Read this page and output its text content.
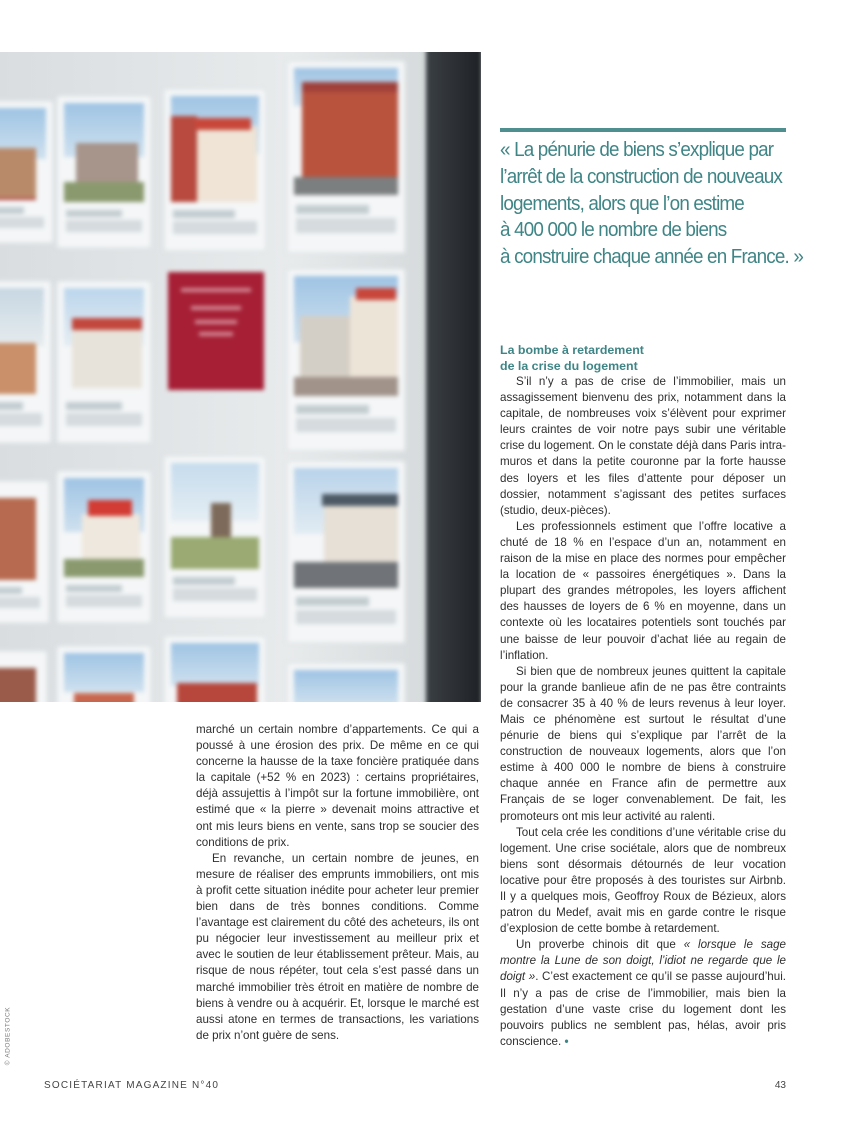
© ADOBESTOCK
« La pénurie de biens s’explique par
l’arrêt de la construction de nouveaux
logements, alors que l’on estime
à 400 000 le nombre de biens
à construire chaque année en France. »
La bombe à retardement
de la crise du logement

S’il n’y a pas de crise de l’immobilier, mais un assagissement bienvenu des prix, notamment dans la capitale, de nombreuses voix s’élèvent pour exprimer leurs craintes de voir notre pays subir une véritable crise du logement. On le constate déjà dans Paris intra-muros et dans la petite couronne par la forte hausse des loyers et les files d’attente pour déposer un dossier, notamment s’agissant des petites surfaces (studio, deux-pièces).

Les professionnels estiment que l’offre locative a chuté de 18 % en l’espace d’un an, notamment en raison de la mise en place des normes pour empêcher la location de « passoires énergétiques ». Dans la plupart des grandes métropoles, les loyers affichent des hausses de loyers de 6 % en moyenne, dans un contexte où les locataires potentiels sont touchés par une baisse de leur pouvoir d’achat liée au regain de l’inflation.

Si bien que de nombreux jeunes quittent la capitale pour la grande banlieue afin de ne pas être contraints de consacrer 35 à 40 % de leurs revenus à leur loyer. Mais ce phénomène est surtout le résultat d’une pénurie de biens qui s’explique par l’arrêt de la construction de nouveaux logements, alors que l’on estime à 400 000 le nombre de biens à construire chaque année en France afin de permettre aux Français de se loger convenablement. De fait, les promoteurs ont mis leur activité au ralenti.

Tout cela crée les conditions d’une véritable crise du logement. Une crise sociétale, alors que de nombreux biens sont désormais détournés de leur vocation locative pour être proposés à des touristes sur Airbnb. Il y a quelques mois, Geoffroy Roux de Bézieux, alors patron du Medef, avait mis en garde contre le risque d’explosion de cette bombe à retardement.

Un proverbe chinois dit que « lorsque le sage montre la Lune de son doigt, l’idiot ne regarde que le doigt ». C’est exactement ce qu’il se passe aujourd’hui. Il n’y a pas de crise de l’immobilier, mais bien la gestation d’une vaste crise du logement dont les pouvoirs publics ne semblent pas, hélas, avoir pris conscience. •

marché un certain nombre d’appartements. Ce qui a poussé à une érosion des prix. De même en ce qui concerne la hausse de la taxe foncière pratiquée dans la capitale (+52 % en 2023) : certains propriétaires, déjà assujettis à l’impôt sur la fortune immobilière, ont estimé que « la pierre » devenait moins attractive et ont mis leurs biens en vente, sans trop se soucier des conditions de prix.

En revanche, un certain nombre de jeunes, en mesure de réaliser des emprunts immobiliers, ont mis à profit cette situation inédite pour acheter leur premier bien dans de très bonnes conditions. Comme l’avantage est clairement du côté des acheteurs, ils ont pu négocier leur investissement au meilleur prix et avec le soutien de leur établissement prêteur. Mais, au risque de nous répéter, tout cela s’est passé dans un marché immobilier très étroit en matière de nombre de biens à vendre ou à acquérir. Et, lorsque le marché est aussi atone en termes de transactions, les variations de prix n’ont guère de sens.

SOCIÉTARIAT MAGAZINE N°40	43
